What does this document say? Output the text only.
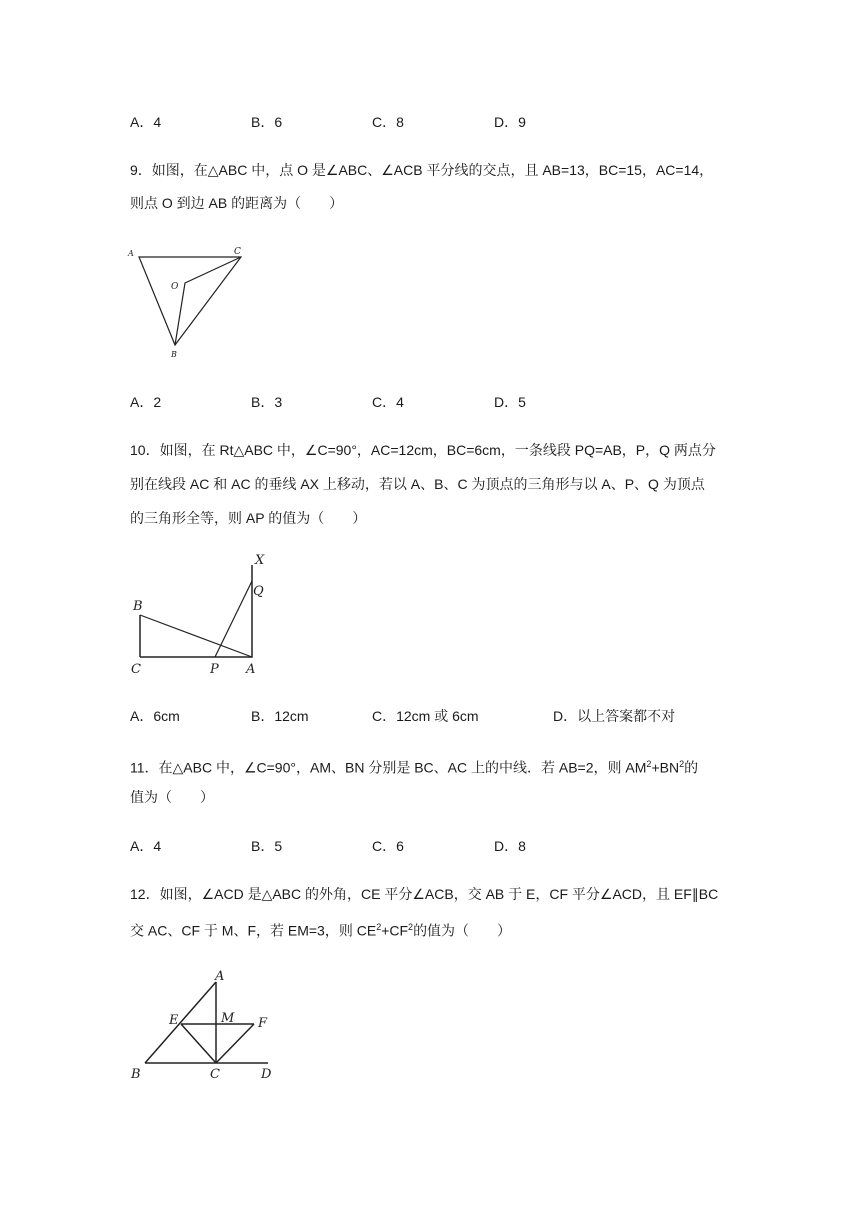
A．4	B．6	C．8	D．9
9．如图，在△ABC 中，点 O 是∠ABC、∠ACB 平分线的交点，且 AB=13，BC=15，AC=14，
则点 O 到边 AB 的距离为（　　）
A	C
O
B
A．2	B．3	C．4	D．5
10．如图，在 Rt△ABC 中，∠C=90°，AC=12cm，BC=6cm，一条线段 PQ=AB，P，Q 两点分
别在线段 AC 和 AC 的垂线 AX 上移动，若以 A、B、C 为顶点的三角形与以 A、P、Q 为顶点
的三角形全等，则 AP 的值为（　　）
X
Q
B
C	P A
A．6cm	B．12cm	C．12cm 或 6cm	D．以上答案都不对
11．在△ABC 中，∠C=90°，AM、BN 分别是 BC、AC 上的中线．若 AB=2，则 $AM^2+BN^2$的
值为（　　）
A．4	B．5	C．6	D．8
12．如图，∠ACD 是△ABC 的外角，CE 平分∠ACB，交 AB 于 E，CF 平分∠ACD，且 EF∥BC
交 AC、CF 于 M、F，若 EM=3，则 $CE^2+CF^2$的值为（　　）
A
E	M F
B	C	D
